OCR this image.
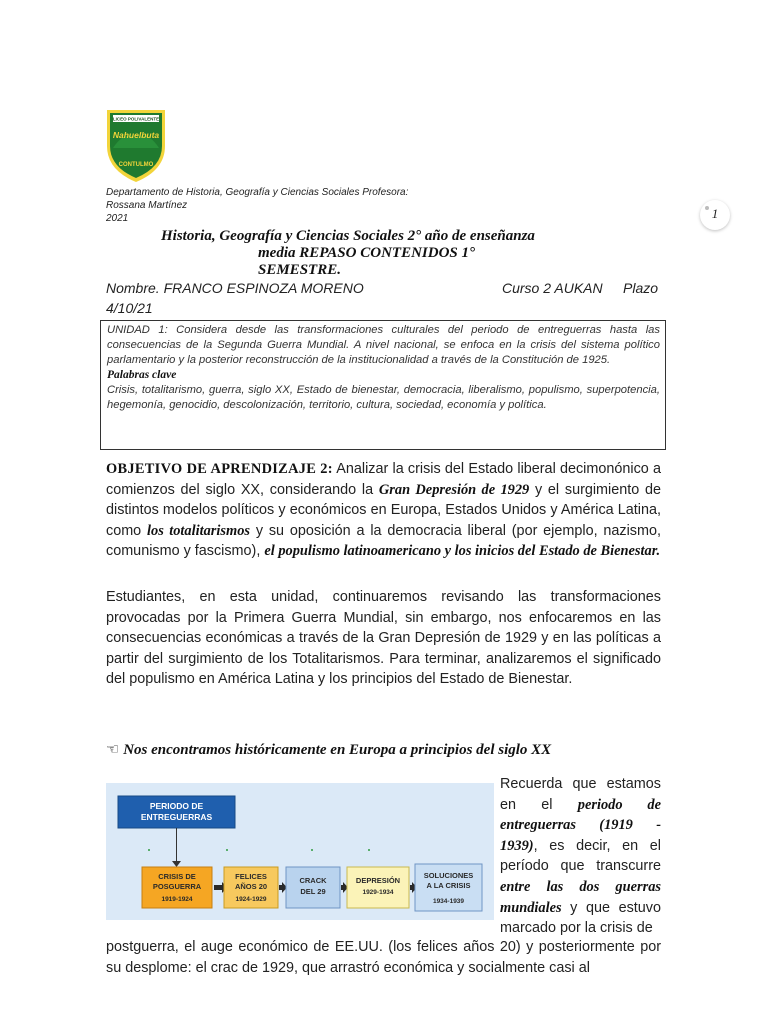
LICEO POLIVALENTE
Nahuelbuta
CONTULMO
Departamento de Historia, Geografía y Ciencias Sociales Profesora:
Rossana Martínez
2021	1
Historia, Geografía y Ciencias Sociales 2° año de enseñanza
media REPASO CONTENIDOS 1°
SEMESTRE.
Nombre. FRANCO ESPINOZA MORENO	Curso 2 AUKAN Plazo
4/10/21
UNIDAD 1: Considera desde las transformaciones culturales del periodo de entreguerras hasta las consecuencias de la Segunda Guerra Mundial. A nivel nacional, se enfoca en la crisis del sistema político parlamentario y la posterior reconstrucción de la institucionalidad a través de la Constitución de 1925.
Palabras clave
Crisis, totalitarismo, guerra, siglo XX, Estado de bienestar, democracia, liberalismo, populismo, superpotencia, hegemonía, genocidio, descolonización, territorio, cultura, sociedad, economía y política.
OBJETIVO DE APRENDIZAJE 2: Analizar la crisis del Estado liberal decimonónico a comienzos del siglo XX, considerando la Gran Depresión de 1929 y el surgimiento de distintos modelos políticos y económicos en Europa, Estados Unidos y América Latina, como los totalitarismos y su oposición a la democracia liberal (por ejemplo, nazismo, comunismo y fascismo), el populismo latinoamericano y los inicios del Estado de Bienestar.
Estudiantes, en esta unidad, continuaremos revisando las transformaciones provocadas por la Primera Guerra Mundial, sin embargo, nos enfocaremos en las consecuencias económicas a través de la Gran Depresión de 1929 y en las políticas a partir del surgimiento de los Totalitarismos. Para terminar, analizaremos el significado del populismo en América Latina y los principios del Estado de Bienestar.
☜ Nos encontramos históricamente en Europa a principios del siglo XX
PERIODO DE
ENTREGUERRAS
CRISIS DE
POSGUERRA
1919-1924
FELICES
AÑOS 20
1924-1929
CRACK
DEL 29
DEPRESIÓN
1929-1934
SOLUCIONES
A LA CRISIS
1934-1939
Recuerda que estamos en el periodo de entreguerras (1919 - 1939), es decir, en el período que transcurre entre las dos guerras mundiales y que estuvo marcado por la crisis de
postguerra, el auge económico de EE.UU. (los felices años 20) y posteriormente por su desplome: el crac de 1929, que arrastró económica y socialmente casi al
